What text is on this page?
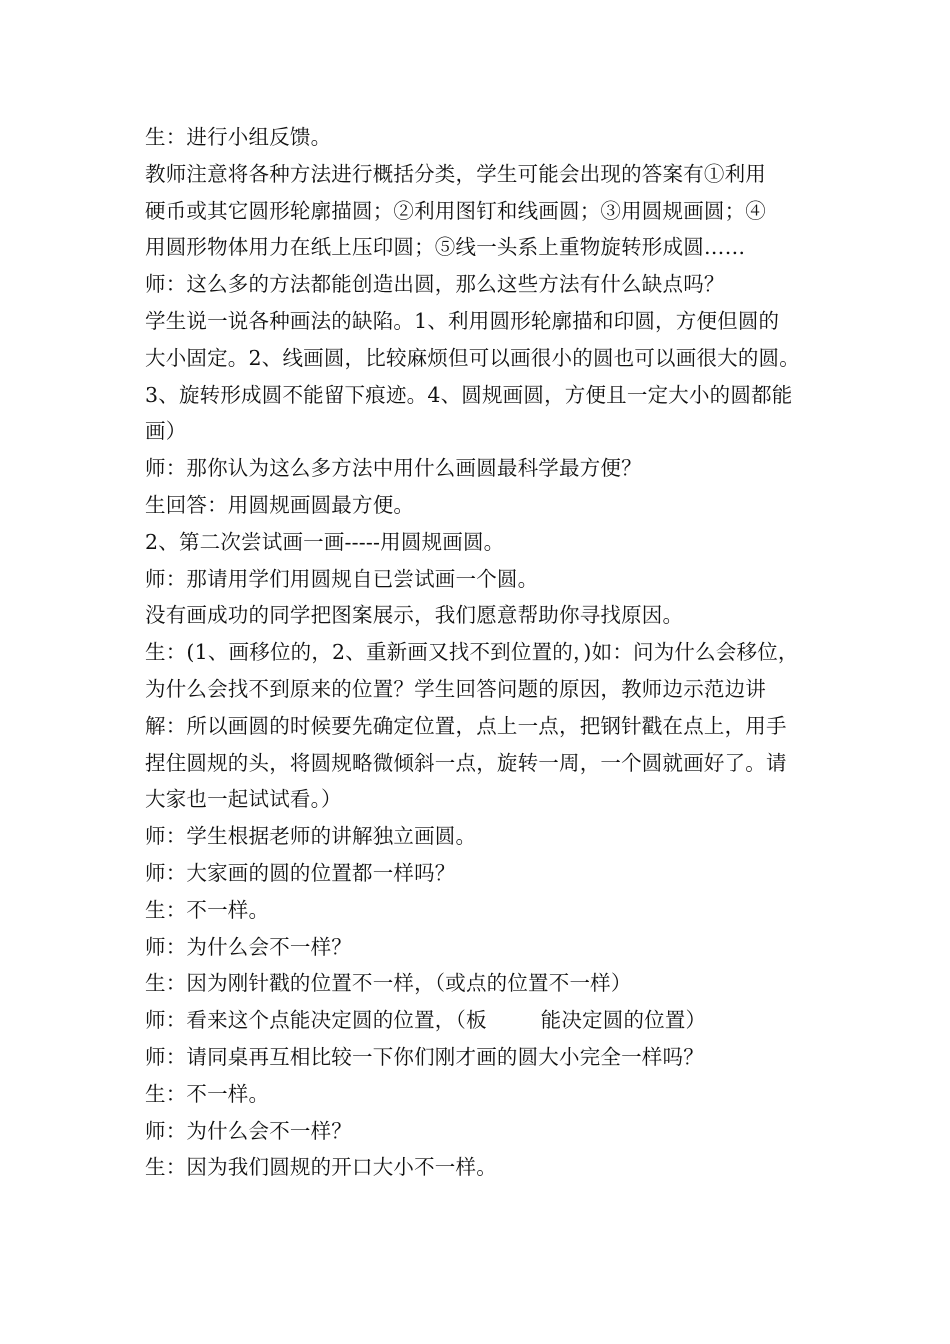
生：进行小组反馈。
教师注意将各种方法进行概括分类，学生可能会出现的答案有①利用
硬币或其它圆形轮廓描圆；②利用图钉和线画圆；③用圆规画圆；④
用圆形物体用力在纸上压印圆；⑤线一头系上重物旋转形成圆……
师：这么多的方法都能创造出圆，那么这些方法有什么缺点吗？
学生说一说各种画法的缺陷。1、利用圆形轮廓描和印圆，方便但圆的
大小固定。2、线画圆，比较麻烦但可以画很小的圆也可以画很大的圆。
3、旋转形成圆不能留下痕迹。4、圆规画圆，方便且一定大小的圆都能
画）
师：那你认为这么多方法中用什么画圆最科学最方便？
生回答：用圆规画圆最方便。
2、第二次尝试画一画-----用圆规画圆。
师：那请用学们用圆规自已尝试画一个圆。
没有画成功的同学把图案展示，我们愿意帮助你寻找原因。
生：(1、画移位的，2、重新画又找不到位置的，)如：问为什么会移位，
为什么会找不到原来的位置？学生回答问题的原因，教师边示范边讲
解：所以画圆的时候要先确定位置，点上一点，把钢针戳在点上，用手
捏住圆规的头，将圆规略微倾斜一点，旋转一周，一个圆就画好了。请
大家也一起试试看。）
师：学生根据老师的讲解独立画圆。
师：大家画的圆的位置都一样吗？
生：不一样。
师：为什么会不一样？
生：因为刚针戳的位置不一样，（或点的位置不一样）
师：看来这个点能决定圆的位置，（板	能决定圆的位置）
师：请同桌再互相比较一下你们刚才画的圆大小完全一样吗？
生：不一样。
师：为什么会不一样？
生：因为我们圆规的开口大小不一样。
